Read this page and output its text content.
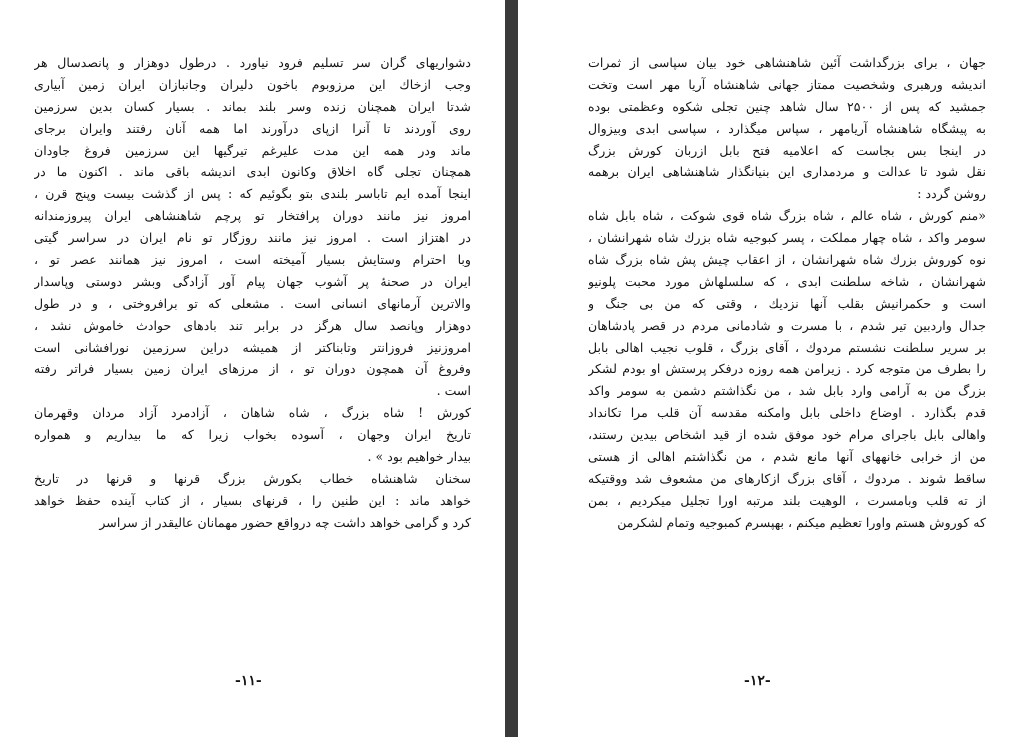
دشواریهای گران سر تسلیم فرود نیاورد . درطول دوهزار و پانصدسال هر
وجب ازخاك این مرزوبوم باخون دلیران وجانبازان ایران زمین آبیاری
شدتا ایران همچنان زنده وسر بلند بماند . بسیار کسان بدین سرزمین
روی آوردند تا آنرا ازپای درآورند اما همه آنان رفتند وایران برجای
ماند ودر همه این مدت علیرغم تیرگیها این سرزمین فروغ جاودان
همچنان تجلی گاه اخلاق وکانون ابدی اندیشه باقی ماند . اکنون ما در
اینجا آمده ایم تاباسر بلندی بتو بگوئیم که : پس از گذشت بیست وپنج قرن ،
امروز نیز مانند دوران پرافتخار تو پرچم شاهنشاهی ایران پیروزمندانه
در اهتزاز است . امروز نیز مانند روزگار تو نام ایران در سراسر گیتی
وبا احترام وستایش بسیار آمیخته است ، امروز نیز همانند عصر تو ،
ایران در صحنهٔ پر آشوب جهان پیام آور آزادگی وبشر دوستی وپاسدار
والاترین آرمانهای انسانی است . مشعلی که تو برافروختی ، و در طول
دوهزار وپانصد سال هرگز در برابر تند بادهای حوادث خاموش نشد ،
امروزنیز فروزانتر وتابناکتر از همیشه دراین سرزمین نورافشانی است
وفروغ آن همچون دوران تو ، از مرزهای ایران زمین بسیار فراتر رفته
است .
کورش ! شاه بزرگ ، شاه شاهان ، آزادمرد آزاد مردان وقهرمان
تاریخ ایران وجهان ، آسوده بخواب زیرا که ما بیداریم و همواره
بیدار خواهیم بود » .
سخنان شاهنشاه خطاب بکورش بزرگ قرنها و قرنها در تاریخ
خواهد ماند : این طنین را ، قرنهای بسیار ، از کتاب آینده حفظ خواهد
کرد و گرامی خواهد داشت چه درواقع حضور مهمانان عالیقدر از سراسر
-۱۱-
جهان ، برای بزرگداشت آئین شاهنشاهی خود بیان سپاسی از ثمرات
اندیشه ورهبری وشخصیت ممتاز جهانی شاهنشاه آریا مهر است وتخت
جمشید که پس از ۲۵۰۰ سال شاهد چنین تجلی شکوه وعظمتی بوده
به پیشگاه شاهنشاه آریامهر ، سپاس میگذارد ، سپاسی ابدی وبیزوال
در اینجا بس بجاست که اعلامیه فتح بابل ازربان کورش بزرگ
نقل شود تا عدالت و مردمداری این بنیانگذار شاهنشاهی ایران برهمه
روشن گردد :
«منم کورش ، شاه عالم ، شاه بزرگ شاه قوی شوکت ، شاه بابل شاه
سومر واکد ، شاه چهار مملکت ، پسر کبوجیه شاه بزرك شاه شهرانشان ،
نوه کوروش بزرك شاه شهرانشان ، از اعقاب چیش پش شاه بزرگ شاه
شهرانشان ، شاخه سلطنت ابدی ، که سلسلهاش مورد محبت پلونیو
است و حکمرانیش بقلب آنها نزدیك ، وقتی که من بی جنگ و
جدال واردبین تیر شدم ، با مسرت و شادمانی مردم در قصر پادشاهان
بر سریر سلطنت نشستم مردوك ، آقای بزرگ ، قلوب نجیب اهالی بابل
را بطرف من متوجه کرد . زیرامن همه روزه درفکر پرستش او بودم لشکر
بزرگ من به آرامی وارد بابل شد ، من نگذاشتم دشمن به سومر واکد
قدم بگذارد . اوضاع داخلی بابل وامکنه مقدسه آن قلب مرا تکانداد
واهالی بابل باجرای مرام خود موفق شده از قید اشخاص بیدین رستند،
من از خرابی خانههای آنها مانع شدم ، من نگذاشتم اهالی از هستی
ساقط شوند . مردوك ، آقای بزرگ ازکارهای من مشعوف شد ووقتیکه
از ته قلب وبامسرت ، الوهیت بلند مرتبه اورا تجلیل میکردیم ، بمن
که کوروش هستم واورا تعظیم میکنم ، بهپسرم کمبوجیه وتمام لشکرمن
-۱۲-
